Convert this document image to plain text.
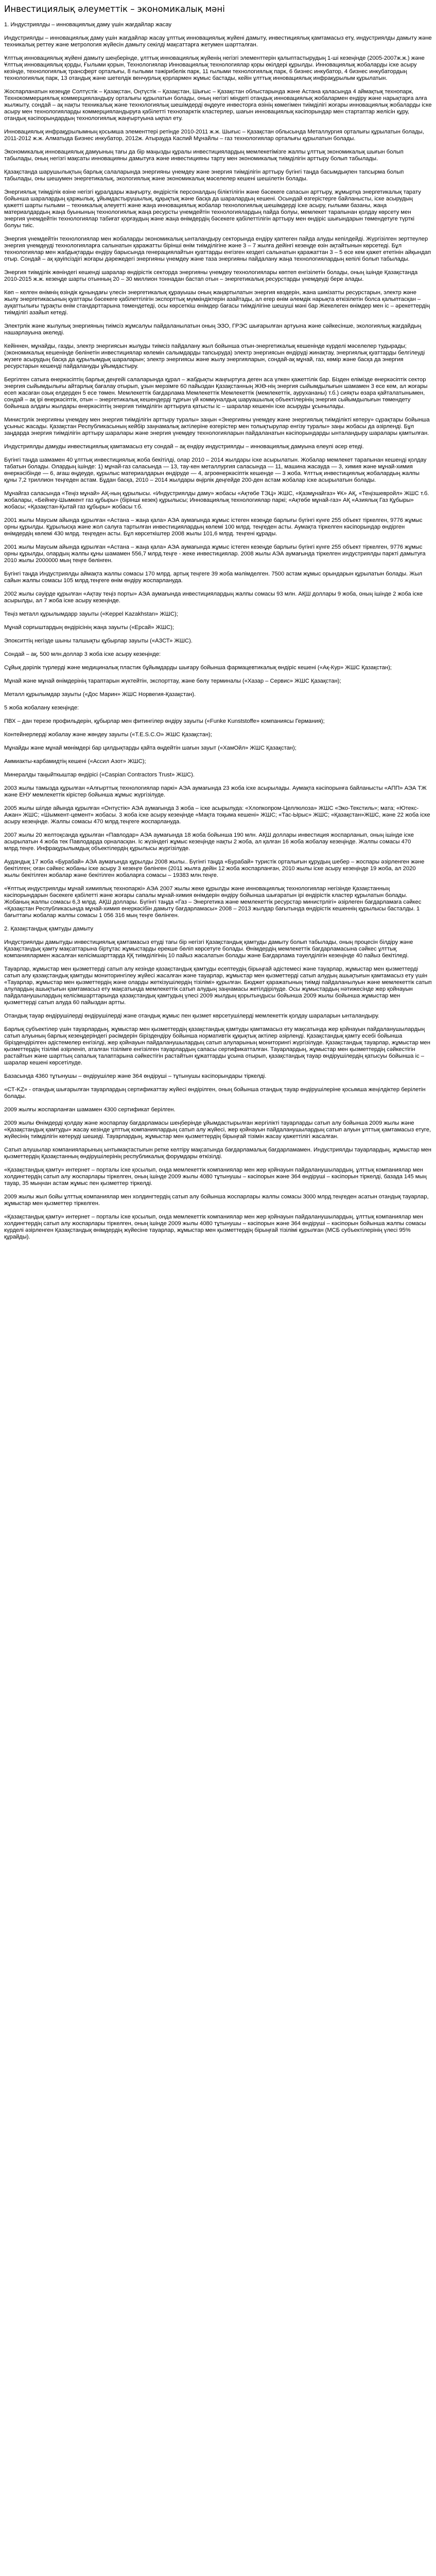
Инвестициялық әлеуметтік – экономикалық мәні

1. Индустриялды – инновациялық даму үшін жағдайлар жасау

Индустриялды – инновациялық даму үшін жағдайлар жасау ұлттық инновациялық жүйені дамыту, инвестициялық қамтамасыз ету, индустриялды дамыту және техникалық реттеу және метрология жүйесін дамыту секілді мақсаттарға жетумен шартталған.

Ұлттық инновациялық жүйені дамыту шеңберінде, ұлттық инновациялық жүйенің негізгі элементтерін қалыптастырудың 1-ші кезеңінде (2005-2007ж.ж.) және Ұлттық инновациялық қорды, Ғылыми қорын, Технологиялар Инновациялық технологиялар қоры өкілдері құрылды. Инновациялық жобаларды іске асыру кезінде, технологиялық трансферт орталығы, 8 ғылыми тәжірибелік парк, 11 ғылыми технологиялық парк, 6 бизнес инкубатор, 4 бизнес инкубатордың технологиялық парк, 13 отандық және шетелдік венчурлық қорлармен жұмыс бастады, кейін ұлттық инновациялық инфрақұрылым құрылатын.

Жоспарланатын кезеңде Солтүстік – Қазақстан, Оңтүстік – Қазақстан, Шығыс – Қазақстан облыстарында және Астана қаласында 4 аймақтық технопарк, Технокоммерциялық коммерцияландыру орталығы құрылатын болады, оның негізгі міндеті отандық инновациялық жобалармен ендіру және нарықтарға алға жылжыту, сондай – ақ нақты техникалық және технологиялық шешімдерді өңдеуге инвесторға өзінің көмегімен тиімділігі жоғары инновациялық жобаларды іске асыру мен технологияларды коммерцияландыруға қабілетті технопарктік кластерлер, шағын инновациялық кәсіпорындар мен стартаптар желісін құру, отандық кәсіпорындардың технологиялық жаңғыртуына ықпал ету.

Инновациялық инфрақұрылымның қосымша элементтері ретінде 2010-2011 ж.ж. Шығыс – Қазақстан облысында Металлургия орталығы құрылатын болады, 2011-2012 ж.ж. Алматыда Бизнес инкубатор, 2012ж. Атырауда Каспий Мұнайлы – газ технологиялар орталығы құрылатын болады.

Экономикалық инновациялық дамуының тағы да бір маңызды құралы инвестициялардың мемлекетімізге жалпы ұлттық экономикалық шығын болып табылады, оның негізгі мақсаты инновацияны дамытуға және инвестицияны тарту мен экономикалық тиімділігін арттыру болып табылады.

Қазақстанда шарушылықтың барлық салаларында энергияны үнемдеу және энергия тиімділігін арттыру бүгінгі таңда басымдықпен тапсырма болып табылады, оны шешумен энергетикалық, экологиялық және экономикалық мәселелер кешені шешілетін болады.

Энергиялық тиімділік өзіне негізгі құралдары жаңғырту, өндірістік персоналдың біліктілігін және бәсекеге сапасын арттыру, жұмыртқа энергетикалық тарату бойынша шаралардың қаржылық, ұйымдастырушылық, құқықтық және басқа да шаралардың кешені. Осындай өзгерістерге байланысты, іске асырудың қажетті шарты ғылыми – техникалық әлеуетті және жаңа инновациялық жобалар технологиялық шешімдерді іске асыру, ғылыми базаны, жаңа материалдардың жаңа буынының технологиялық жаңа ресурсты үнемдейтін технологиялардың пайда болуы, мемлекет тарапынан қолдау көрсету мен энергия үнемдейтін технологиялар табиғат қорғаудың және жаңа өнімдердің бәсекеге қабілеттілігін арттыру мен өндіріс шығындарын төмендетуге түрткі болуы тиіс.

Энергия үнемдейтін технологиялар мен жобаларды экономикалық ынталандыру секторында ендіру қаптеген пайда алуды кепілдейді. Жүргізілген зерттеулер энергия үнемдеуді технологияларға салынатын қаражатты бірінші өнім тиімділігіне және 3 – 7 жылға дейінгі кезеңде өзін ақтайтынын көрсетеді. Бұл технологиялар мен жабдықтарды ендіру барысында генерациялайтын қуаттарды енгізген кездегі салынатын қаражаттан 3 – 5 есе кем қажет ететінін айқындап отыр. Сондай – ақ қауіпсіздігі жоғары дәрежедегі энергияны үнемдеу және таза энергияны пайдалану жаңа технологиялардың кепілі болып табылады.

Энергия тиімділік жөніндегі кешенді шаралар өндірістік секторда энергияны үнемдеу технологиялары көптеп енгізілетін болады, оның ішінде Қазақстанда 2010-2015 ж.ж. кезеңде шарты отынның 20 – 30 миллион тоннадан бастап отын – энергетикалық ресурстарды үнемдеуді бере алады.

Көп – келген өнімнің өзіндік құнындағы үлесін энергетикалық құрауышы оның жаңартылатын энергия көздерін, жана шикізатты ресурстарын, электр және жылу энергетикасының қуаттары бәсекеге қабілеттілігін экспорттық мүмкіндіктерін азайтады, ал егер өнім әлемдік нарықта өткізілетін болса қалыптасқан – ауқаттылығы тұрақты өнім стандарттарына төмендетеді, осы көрсеткіш өнімдер бағасы тиімділігіне шешуші мәні бар Жекелеген өнімдер мен іс – әрекеттердің тиімділігі азайып кетеді.

Электрлік және жылулық энергияның тиімсіз жұмсалуы пайдаланылатын оның ЭЗО, ГРЭС шығарылған артуына және сәйкесінше, экологиялық жағдайдың нашарлауына әкеледі.

Кейіннен, мұнайды, газды, электр энергиясын жылуды тиімсіз пайдалану жыл бойынша отын-энергетикалық кешенінде күрделі мәселелер тудырады; (экономикалық кешенінде бөлінетін инвестициялар көлемін салымдарды тапсыруда) электр энергиясын өндіруді жинақтау, энергиялық қуаттарды белгілеуді жүзеге асырудың басқа да құрылымдық шараларын; электр энергиясы және жылу энергияларын, сондай-ақ мұнай, газ, көмір және басқа да энергия ресурстарын кешенді пайдалануды ұйымдастыру.

Бергілген сатыға өнеркәсіптің барлық деңгейі салаларында құрал – жабдықты жаңғыртуға деген аса үлкен қажеттілік бар. Бізден елімізде өнеркәсіптік сектор энергия сыйымдылығы айтарлық бағалау отырып, ұзын мерзімге 60 пайыздан Қазақстанның ЖІӨ-нің энергия сыйымдылығын шамамен 3 есе кем, ал жоғары есеп жасаған озық елдерден 5 есе төмен. Мемлекеттік бағдарлама Мемлекеттік Мемлекеттік (мемлекеттік, аурухананы) т.б.) сияқты өзара қайталатынымен, сондай – ақ ірі өнеркәсіптік, отын – энергетикалық кешендерді тұрғын үй коммуналдық шаруашылық объектілерінің энергия сыйымдылығын төмендету бойынша алдағы жылдары өнеркәсіптің энергия тиімділігін арттыруға қатысты іс – шаралар кешенін іске асыруды ұсынылады.

Министрлік энергияны үнемдеу мен энергия тиімділігін арттыру туралы» заңын «Энергияны үнемдеу және энергиялық тиімділікті көтеру» сұрақтары бойынша ұсыныс жасады. Қазақстан Республикасының кейбір заңнамалық актілеріне өзгерістер мен толықтырулар енгізу туралы» заңы жобасы да әзірленді. Бұл заңдарда энергия тиімділігін арттыру шаралары және энергия үнемдеу технологияларын пайдаланатын кәсіпорындарды ынталандыру шаралары қамтылған.

Индустриялды дамуды инвестициялық қамтамасыз ету сондай – ақ ендіру индустриялды – инновациялық дамуына елеулі әсер етеді.

Бүгінгі таңда шамамен 40 ұлттық инвестициялық жоба бекітілді, олар 2010 – 2014 жылдары іске асырылатын. Жобалар мемлекет тарапынан кешенді қолдау табатын болады. Олардың ішінде: 1) мұнай-газ саласында — 13, тау-кен металлургия саласында — 11, машина жасауда — 3, химия және мұнай-химия өнеркәсібінде — 6, ағаш өңдеуде, құрылыс материалдарын өндіруде — 4, агроөнеркәсіптік кешенде — 3 жоба. Ұлттық инвестициялық жобалардың жалпы құны 7,2 триллион теңгеден астам. Бұдан басқа, 2010 – 2014 жылдары өңірлік деңгейде 200-ден астам жобалар іске асырылатын болады.

Мұнайгаз саласында «Теңіз мұнай» АҚ-ның құрылысы. «Индустриялды даму» жобасы «Ақтөбе ТЭЦ» ЖШС, «Қазмұнайгаз» ҰК» АҚ, «Теңізшевройл» ЖШС т.б. жобалары, «Бейнеу-Шымкент газ құбыры» (бірінші кезек) құрылысы; Инновациялық технологиялар паркі; «Ақтөбе мұнай-газ» АҚ «Азиялық Газ Құбыры» жобасы; «Қазақстан-Қытай газ құбыры» жобасы т.б.

2001 жылы Маусым айында құрылған «Астана – жаңа қала» АЭА аумағында жұмыс істеген кезеңде барлығы бүгінгі күнге 255 объект тіркелген, 9776 жұмыс орны құрылды. Құрылысқа және жол салуға тартылған инвестициялардың көлемі 100 млрд. теңгеден асты. Аумақта тіркелген кәсіпорындар өндірген өнімдердің көлемі 430 млрд. теңгеден асты. Бұл көрсеткіштер 2008 жылы 101,6 млрд. теңгені құрады.

2001 жылы Маусым айында құрылған «Астана – жаңа қала» АЭА аумағында жұмыс істеген кезеңде барлығы бүгінгі күнге 255 объект тіркелген, 9776 жұмыс орны құрылды, олардың жалпы құны шамамен 556,7 млрд.теңге - жеке инвестициялар. 2008 жылы АЭА аумағында тіркелген индустриялды паркті дамытуға 2010 жылы 2000000 мың теңге бөлінген.

Бүгінгі таңда Индустриялды аймақта жалпы сомасы 170 млрд. артық теңгеге 39 жоба мәлімделген. 7500 астам жұмыс орындарын құрылатын болады. Жыл сайын жалпы сомасы 105 млрд.теңгеге өнім өндіру жоспарлануда.

2002 жылы сәуірде құрылған «Ақтау теңіз порты» АЭА аумағында инвестициялардың жалпы сомасы 93 млн. АҚШ доллары 9 жоба, оның ішінде 2 жоба іске асырылды, ал 7 жоба іске асыру кезеңінде.

Теңіз металл құрылымдарр зауыты («Keppel Kazakhstan» ЖШС);

Мұнай сорғыштардың өндірісінің жаңа зауыты («Ерсай» ЖШС);

Эпокситтің негізде шыны талшықты құбырлар зауыты («АЗСТ» ЖШС).

Сондай – ақ, 500 млн.доллар 3 жоба іске асыру кезеңінде:

Сұйық дәрілік түрлерді және медициналық пластик бұйымдарды шығару бойынша фармацевтикалық өндіріс кешені («Ақ-Кур» ЖШС Қазақстан);

Мұнай және мұнай өнімдерінің тараптарын жүктейтін, экспорттау, және бөлу терминалы («Хазар – Сервис» ЖШС Қазақстан);

Металл құрылымдар зауыты («Дос Марин» ЖШС Норвегия-Қазақстан).

5 жоба жобалану кезеңінде:

ПВХ – дан терезе профильдерін, құбырлар мен фитингілер өндіру зауыты («Funke Kunststoffe» компаниясы Германия);

Контейнерлерді жобалау және жөндеу зауыты («T.E.S.C.O» ЖШС Қазақстан);

Мұнайды және мұнай мөнімдері бар цилдықтарды қайта өңдейтін шағын зауыт («ХамОйл» ЖШС Қазақстан);

Аммиакты-карбамидтің кешені («Ассил Азот» ЖШС);

Минералды таңыйткыштар өндірісі («Caspian Contractors Trust» ЖШС).

2003 жылы тамызда құрылған «Алғырттық технологиялар паркі» АЭА аумағында 23 жоба іске асырылады. Аумақта кәсіпорынға байланысты «АПП» АЭА ТЖ және ЕНУ мемлекеттік кірістер бойынша жұмыс жүргізілуде.

2005 жылы шілде айында құрылған «Онтүстік» АЭА аумағында 3 жоба – іске асырылуда: «Хлопкопром-Целлюлоза» ЖШС «Эко-Текстиль»; мата; «Ютекс-Ажан» ЖШС; «Шымкент-цемент» жобасы. 3 жоба іске асыру кезеңінде «Мақта тоқыма кешені» ЖШС; «Тас-Ырыс» ЖШС; «Қазақстан»ЖШС, және 22 жоба іске асыру кезеңінде. Жалпы сомасы 470 млрд.теңгеге жоспарлануда.

2007 жылы 20 желтоқсанда құрылған «Павлодар» АЭА аумағында 18 жоба бойынша 190 млн. АҚШ доллары инвестиция жоспарланып, оның ішінде іске асырылатын 4 жоба тек Павлодарда орналасқан. Іс жүзіндегі жұмыс кезеңінде нақты 2 жоба, ал қалған 16 жоба жобалау кезеңінде. Жалпы сомасы 470 млрд.теңге. Инфрақұрылымдық объектілердің құрылысы жүргізілуде.

Аудандық 17 жоба «Бурабай» АЭА аумағында құрылды 2008 жылы.. Бүгінгі таңда «Бурабай» туристік орталығын құрудың шебер – жоспары әзірленген және бекітілген; оған сәйкес жобаны іске асыру 3 кезеңге бөлінген (2011 жылға дейін 12 жоба жоспарланған, 2010 жылы іске асыру кезеңінде 19 жоба, ал 2020 жылы бекітілген жобалар және бекітілген жобаларға сомасы – 19383 млн.теңге.

«Ұлттық индустриялды мұнай химиялық технопаркі» АЭА 2007 жылы жеке құрылды және инновациялық технологиялар негізінде Қазақстанның кәсіпорындарын бәсекеге қабілетті және жоғары сапалы мұнай-химия өнімдерін өндіру бойынша шығаратын ірі өндірістік кластер құрылатын болады. Жобаның жалпы сомасы 6,3 млрд. АҚШ доллары. Бүгінгі таңда «Газ – Энергетика және мемлекеттік ресурстар министрлігі» әзірлеген бағдарламаға сәйкес «Қазақстан Республикасында мұнай-химия өнеркәсібін дамыту бағдарламасы» 2008 – 2013 жылдар бағытында өндірістік кешеннің құрылысы басталды. 1 бағыттағы жобалар жалпы сомасы 1 056 316 мың теңге бөлінген.

2. Қазақстандық қамтуды дамыту

Индустриялды дамытуды инвестициялық қамтамасыз етуді тағы бір негізгі Қазақстандық қамтуды дамыту болып табылады, оның процесін білдіру және Қазақстандық қамту мақсаттарына біртұтас жұмыстарды ерекше бөліп көрсетуге болады. Өнімдердің мемлекеттік бағдарламасына сәйкес ұлттық компаниялармен жасалған келісімшарттарда ҚҚ тиімділігінің 10 пайыз жасалатын болады және Бағдарлама тәуелділігін кезеңінде 40 пайыз бекітіледі.

Тауарлар, жұмыстар мен қызметтерді сатып алу кезінде қазақстандық қамтуды есептеудің бірыңғай әдістемесі және тауарлар, жұмыстар мен қызметтерді сатып алу қазақстандық қамтуды мониторингілеу жүйесі жасалған және тауарлар, жұмыстар мен қызметтерді сатып алудың ашықтығын қамтамасыз ету үшін «Тауарлар, жұмыстар мен қызметтердің және оларды жеткізушілердің тізілімі» құрылған. Бюджет қаражатының тиімді пайдаланылуын және мемлекеттік сатып алулардың ашықтығын қамтамасыз ету мақсатында мемлекеттік сатып алудың заңнамасы жетілдірілуде. Осы жұмыстардың нәтижесінде жер қойнауын пайдаланушылардың келісімшарттарында қазақстандық қамтудың үлесі 2009 жылдың қорытындысы бойынша 2009 жылы бойынша жұмыстар мен қызметтерді сатып алуда 60 пайыздан артты.

Отандық тауар өндірушілерді өндірушілерді және отандық жұмыс пен қызмет көрсетушілерді мемлекеттік қолдау шараларын ынталандыру.

Барлық субъектілер үшін тауарлардың, жұмыстар мен қызметтердің қазақстандық қамтуды қамтамасыз ету мақсатында жер қойнауын пайдаланушылардың сатып алуының барлық кезеңдеріндегі рәсімдерін біріздендіру бойынша нормативтік құқықтық актілер әзірленді. Қазақстандық қамту есебі бойынша біріздендірілген әдістемелер енгізілді, жер қойнауын пайдаланушылардың сатып алуларының мониторингі жүргізілуде. Қазақстандық тауарлар, жұмыстар мен қызметтердің тізілімі әзірленіп, аталған тізілімге енгізілген тауарлардың сапасы сертификатталған. Тауарлардың, жұмыстар мен қызметтердің сәйкестігін растайтын және шарттың сапалық талаптарына сәйкестігін растайтын құжаттарды ұсына отырып, қазақстандық тауар өндірушілердің қатысуы бойынша іс – шаралар кешені көрсетілуде.

Базасында 4360 тұтынушы – өндірушілер және 364 өндіруші – тұтынушы кәсіпорындары тіркелді.

«СТ-KZ» - отандық шығарылған тауарлардың сертификаттау жүйесі өндірілген, оның бойынша отандық тауар өндірушілеріне қосымша жеңілдіктер берілетін болады.

2009 жылғы жоспарланған шамамен 4300 сертификат берілген.

2009 жылы Өнімдерді қолдау және жоспарлау бағдарламасы шеңберінде ұйымдастырылған жергілікті тауарларды сатып алу бойынша 2009 жылы және «Қазақстандық қамтуды» жасау кезінде ұлттық компаниялардың сатып алу жүйесі, жер қойнауын пайдаланушылардың сатып алуын ұлттық қамтамасыз етуге, жүйесінің тиімділігін көтеруді шешеді. Тауарлардың, жұмыстар мен қызметтердің бірыңғай тізімін жасау қажеттілігі жасалған.

Сатып алушылар компанияларының ынтымақтастығын ретке келтіру мақсатында бағдарламалық бағдарламамен. Индустриялды тауарлардың, жұмыстар мен қызметтердің Қазақстанның өндірушілерінің республикалық форумдары өткізілді.

«Қазақстандық қамту» интернет – порталы іске қосылып, онда мемлекеттік компаниялар мен жер қойнауын пайдаланушылардың, ұлттық компаниялар мен холдингтердің сатып алу жоспарлары тіркелген, оның ішінде 2009 жылы 4080 тұтынушы – кәсіпорын және 364 өндіруші – кәсіпорын тіркелді, базада 145 мың тауар, 35 мыңнан астам жұмыс пен қызметтер тіркелді.

2009 жылы жыл бойы ұлттық компаниялар мен холдингтердің сатып алу бойынша жоспарлары жалпы сомасы 3000 млрд.теңгеден асатын отандық тауарлар, жұмыстар мен қызметтер тіркелген.

«Қазақстандық қамту» интернет – порталы іске қосылып, онда мемлекеттік компаниялар мен жер қойнауын пайдаланушылардың, ұлттық компаниялар мен холдингтердің сатып алу жоспарлары тіркелген, оның ішінде 2009 жылы 4080 тұтынушы – кәсіпорын және 364 өндіруші – кәсіпорын бойынша жалпы сомасы күрделі әзірленген Қазақстандық өнімдердің жүйесіне тауарлар, жұмыстар мен қызметтердің бірыңғай тізілімі құрылған (МСБ субъектілерінің үлесі 95% құрайды).
